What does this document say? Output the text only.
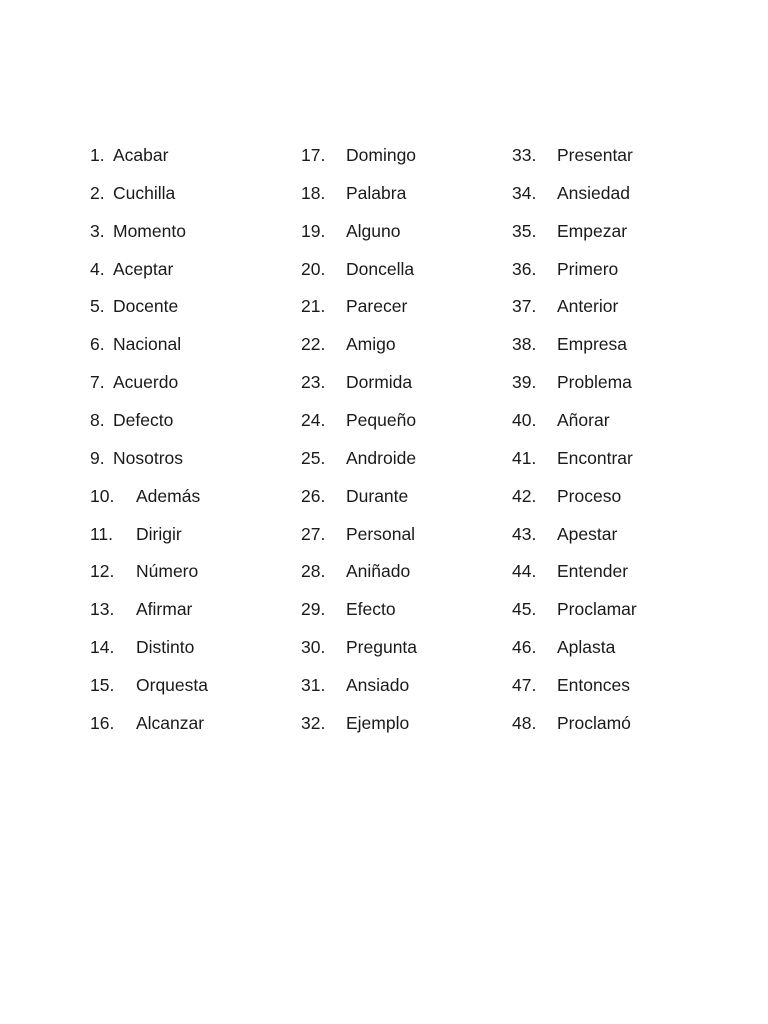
1. Acabar
2. Cuchilla
3. Momento
4. Aceptar
5. Docente
6. Nacional
7. Acuerdo
8. Defecto
9. Nosotros
10. Además
11. Dirigir
12. Número
13. Afirmar
14. Distinto
15. Orquesta
16. Alcanzar
17. Domingo
18. Palabra
19. Alguno
20. Doncella
21. Parecer
22. Amigo
23. Dormida
24. Pequeño
25. Androide
26. Durante
27. Personal
28. Aniñado
29. Efecto
30. Pregunta
31. Ansiado
32. Ejemplo
33. Presentar
34. Ansiedad
35. Empezar
36. Primero
37. Anterior
38. Empresa
39. Problema
40. Añorar
41. Encontrar
42. Proceso
43. Apestar
44. Entender
45. Proclamar
46. Aplasta
47. Entonces
48. Proclamó
